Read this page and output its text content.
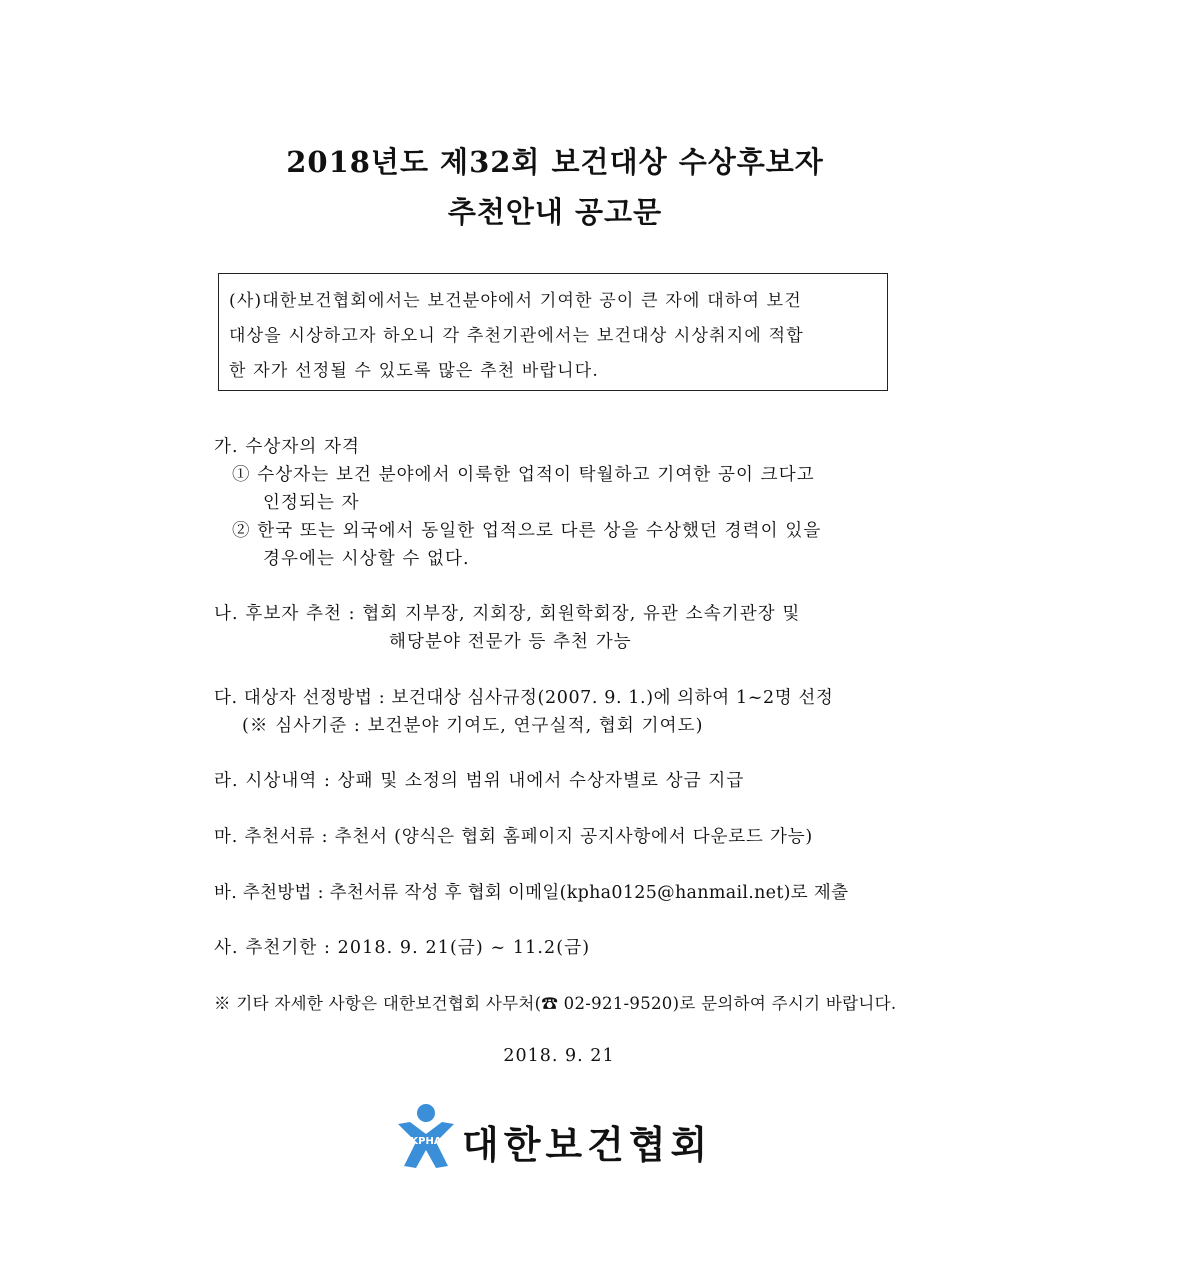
2018년도 제32회 보건대상 수상후보자
추천안내 공고문
(사)대한보건협회에서는 보건분야에서 기여한 공이 큰 자에 대하여 보건
대상을 시상하고자 하오니 각 추천기관에서는 보건대상 시상취지에 적합
한 자가 선정될 수 있도록 많은 추천 바랍니다.
가. 수상자의 자격
① 수상자는 보건 분야에서 이룩한 업적이 탁월하고 기여한 공이 크다고
인정되는 자
② 한국 또는 외국에서 동일한 업적으로 다른 상을 수상했던 경력이 있을
경우에는 시상할 수 없다.
나. 후보자 추천 : 협회 지부장, 지회장, 회원학회장, 유관 소속기관장 및
해당분야 전문가 등 추천 가능
다. 대상자 선정방법 : 보건대상 심사규정(2007. 9. 1.)에 의하여 1~2명 선정
(※ 심사기준 : 보건분야 기여도, 연구실적, 협회 기여도)
라. 시상내역 : 상패 및 소정의 범위 내에서 수상자별로 상금 지급
마. 추천서류 : 추천서 (양식은 협회 홈페이지 공지사항에서 다운로드 가능)
바. 추천방법 : 추천서류 작성 후 협회 이메일(kpha0125@hanmail.net)로 제출
사. 추천기한 : 2018. 9. 21(금) ~ 11.2(금)
※ 기타 자세한 사항은 대한보건협회 사무처(☎ 02-921-9520)로 문의하여 주시기 바랍니다.
2018. 9. 21
KPHA 대한보건협회
